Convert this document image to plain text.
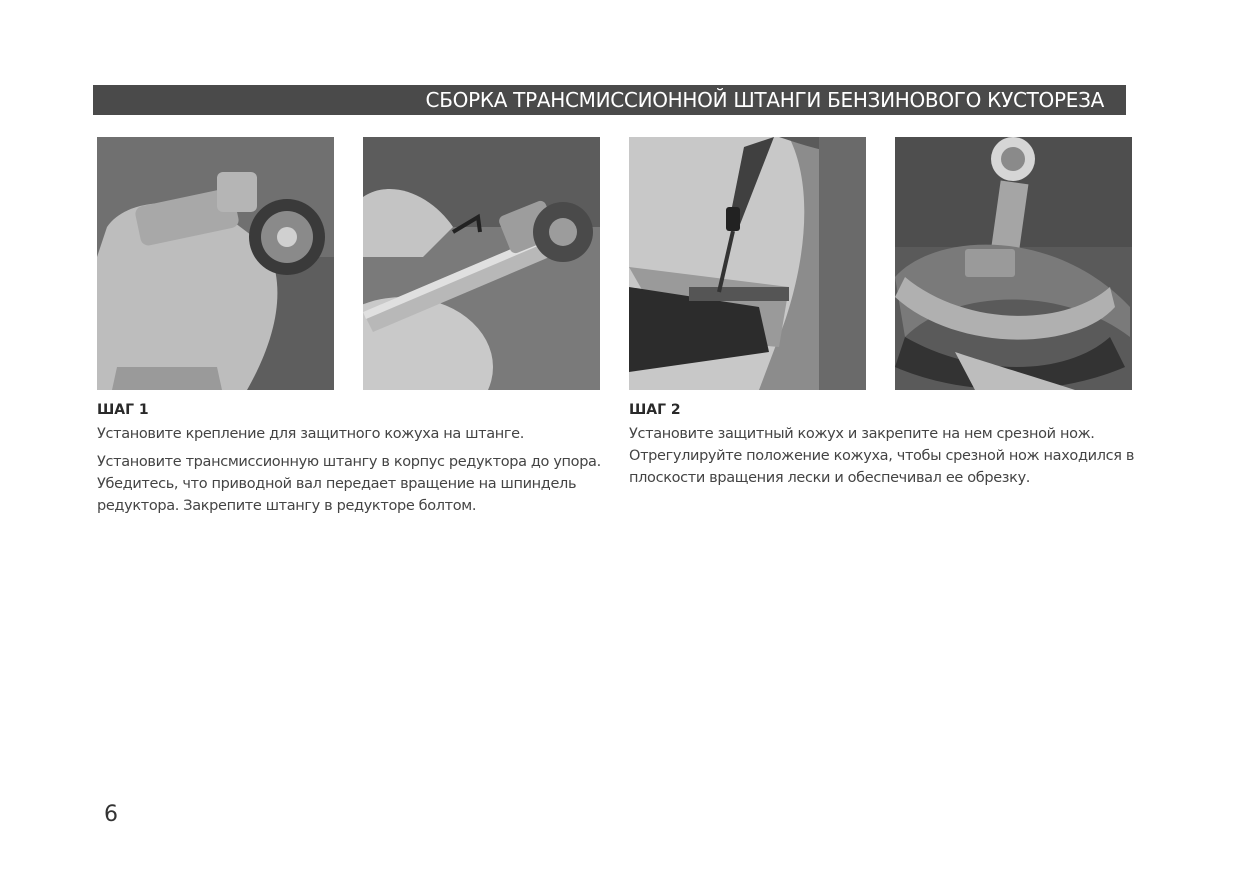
СБОРКА ТРАНСМИССИОННОЙ ШТАНГИ БЕНЗИНОВОГО КУСТОРЕЗА
ШАГ 1

Установите крепление для защитного кожуха на штанге.

Установите трансмиссионную штангу в корпус редуктора до упора. Убедитесь, что приводной вал передает вращение на шпиндель редуктора. Закрепите штангу в редукторе болтом.

ШАГ 2

Установите защитный кожух и закрепите на нем срезной нож. Отрегулируйте положение кожуха, чтобы срезной нож находился в плоскости вращения лески и обеспечивал ее обрезку.

6
